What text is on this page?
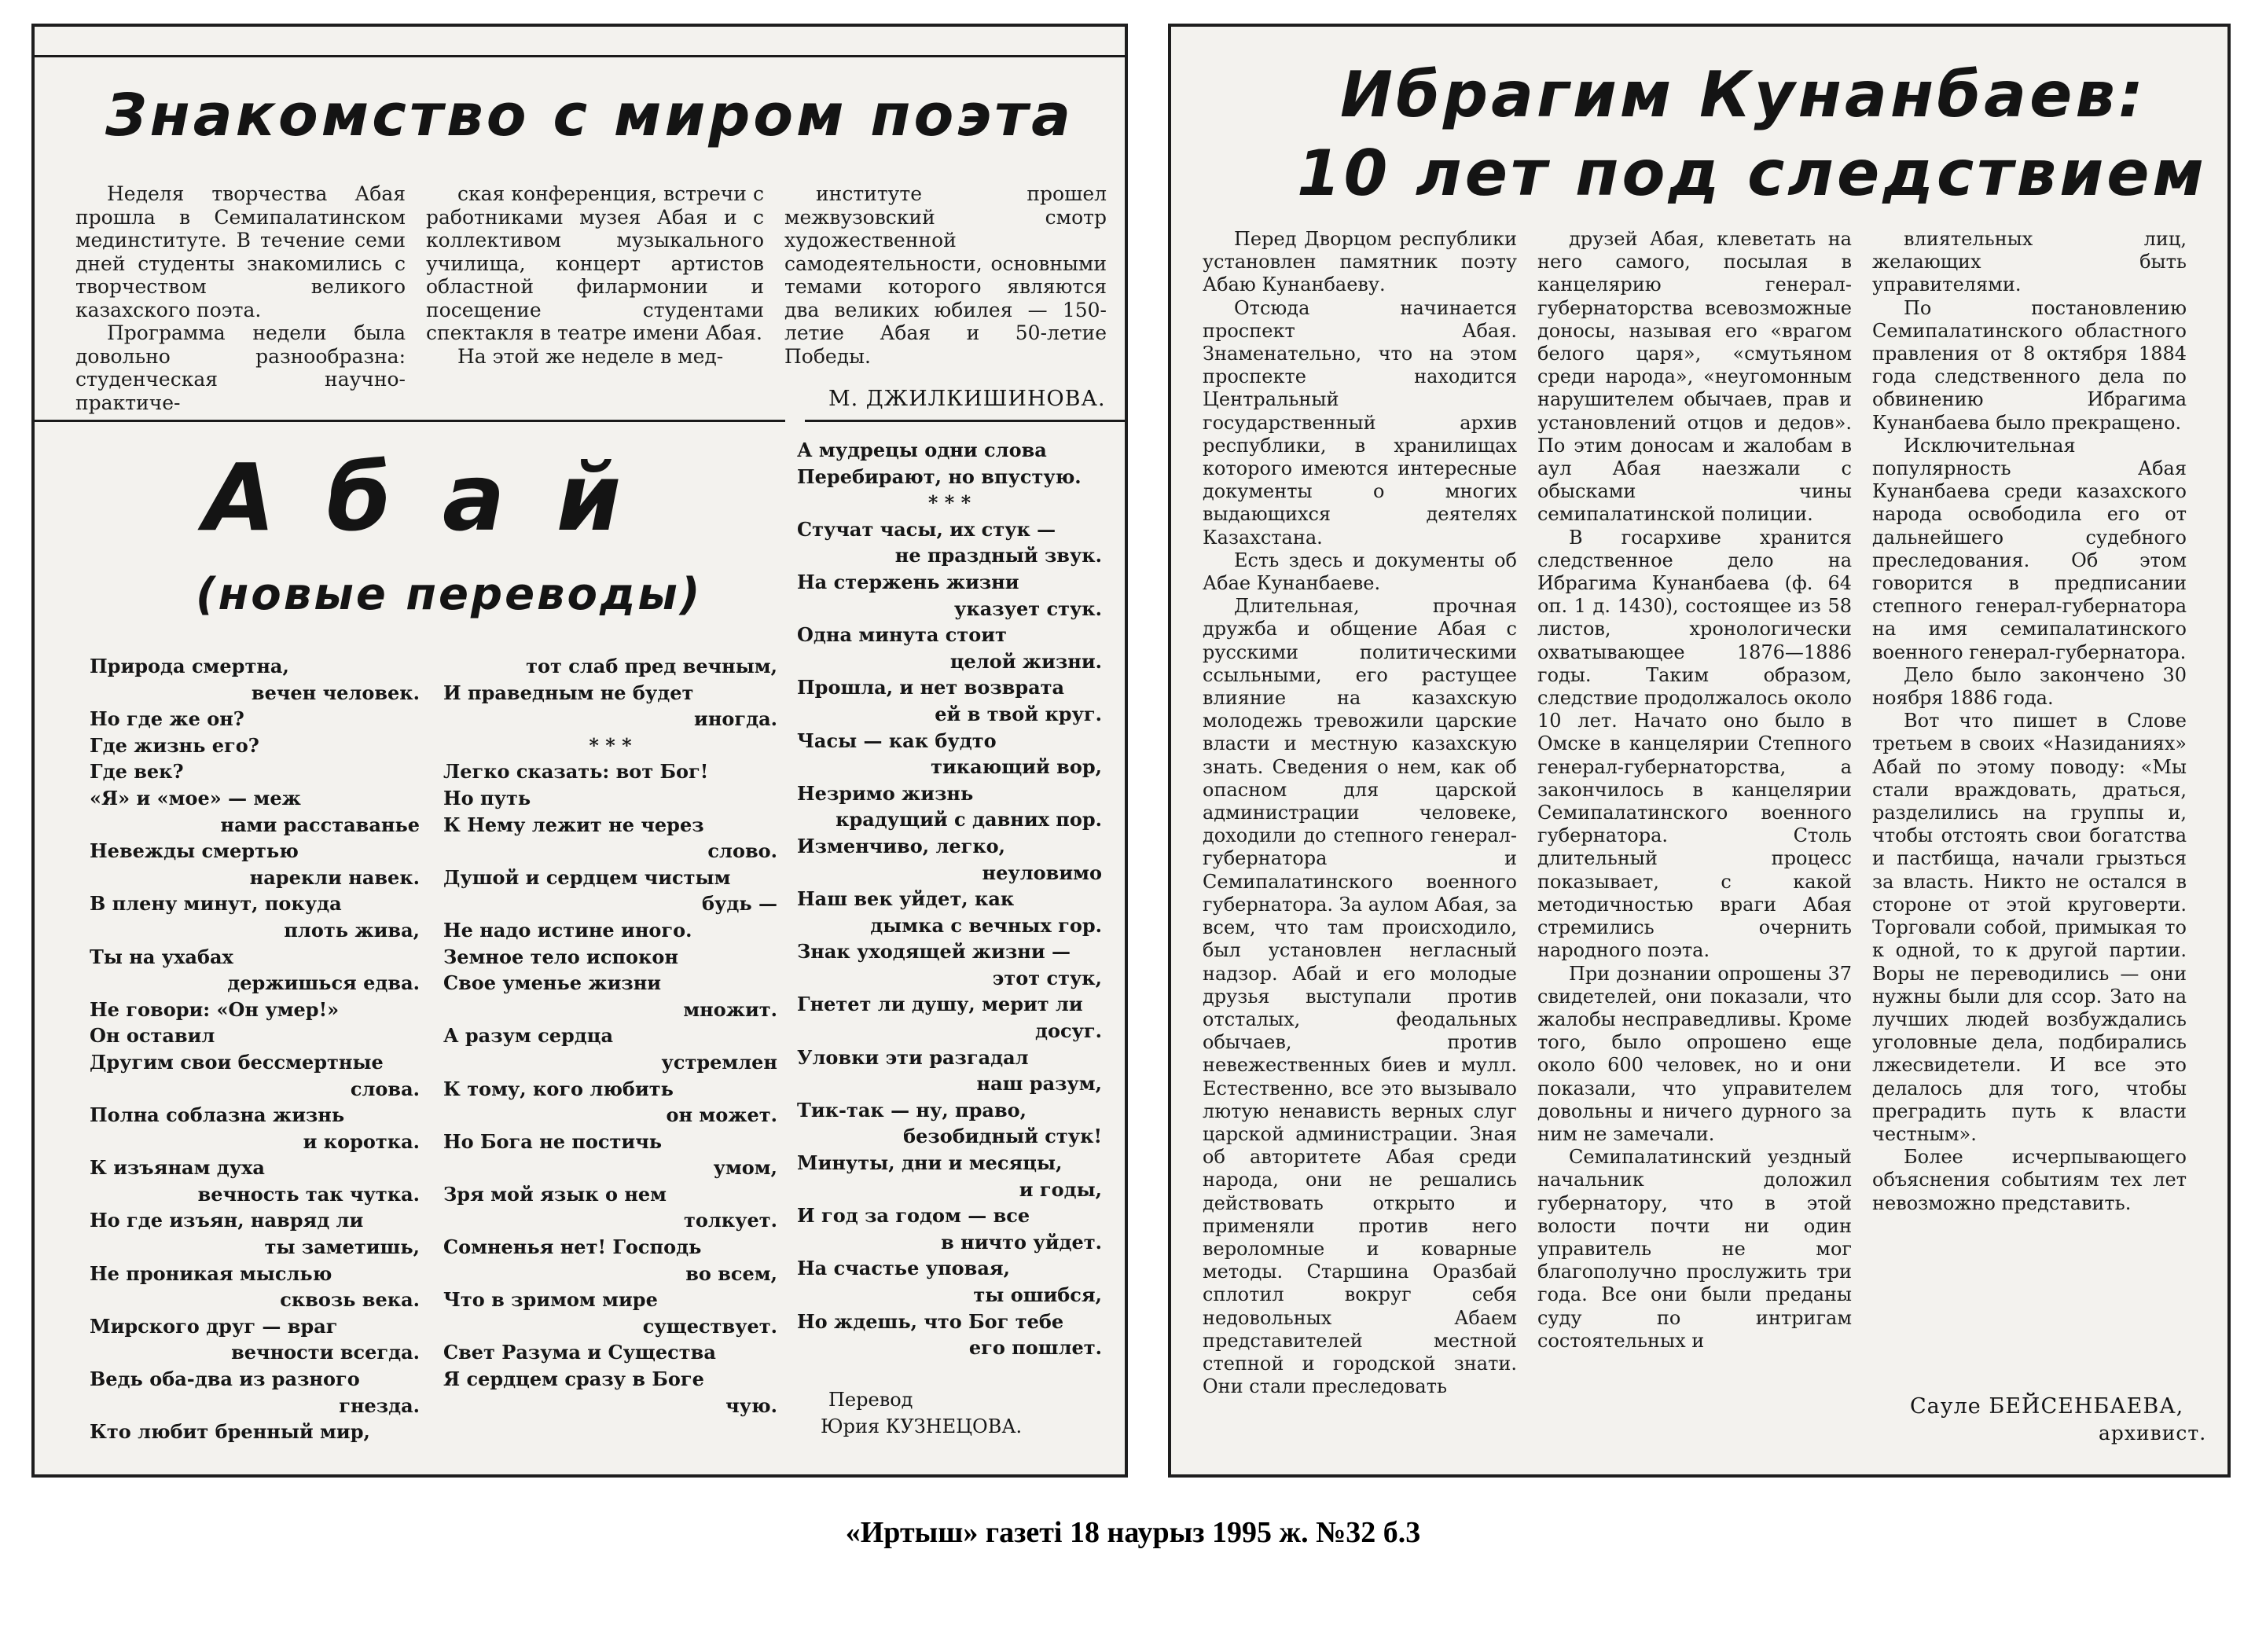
Знакомство с миром поэта

Неделя творчества Абая прошла в Семипалатинском мединституте. В течение семи дней студенты знакомились с творчеством великого казахского поэта.

Программа недели была довольно разнообразна: студенческая научно-практиче-

ская конференция, встречи с работниками музея Абая и с коллективом музыкального училища, концерт артистов областной филармонии и посещение студентами спектакля в театре имени Абая.

На этой же неделе в мед-

институте прошел межвузовский смотр художественной самодеятельности, основными темами которого являются два великих юбилея — 150-летие Абая и 50-летие Победы.

М. ДЖИЛКИШИНОВА.
А б а й
(новые переводы)
Природа смертна,
вечен человек.
Но где же он?
Где жизнь его?
Где век?
«Я» и «мое» — меж
нами расставанье
Невежды смертью
нарекли навек.
В плену минут, покуда
плоть жива,
Ты на ухабах
держишься едва.
Не говори: «Он умер!»
Он оставил
Другим свои бессмертные
слова.
Полна соблазна жизнь
и коротка.
К изъянам духа
вечность так чутка.
Но где изъян, навряд ли
ты заметишь,
Не проникая мыслью
сквозь века.
Мирского друг — враг
вечности всегда.
Ведь оба-два из разного
гнезда.
Кто любит бренный мир,
тот слаб пред вечным,
И праведным не будет
иногда.
* * *
Легко сказать: вот Бог!
Но путь
К Нему лежит не через
слово.
Душой и сердцем чистым
будь —
Не надо истине иного.
Земное тело испокон
Свое уменье жизни
множит.
А разум сердца
устремлен
К тому, кого любить
он может.
Но Бога не постичь
умом,
Зря мой язык о нем
толкует.
Сомненья нет! Господь
во всем,
Что в зримом мире
существует.
Свет Разума и Существа
Я сердцем сразу в Боге
чую.
А мудрецы одни слова
Перебирают, но впустую.
* * *
Стучат часы, их стук —
не праздный звук.
На стержень жизни
указует стук.
Одна минута стоит
целой жизни.
Прошла, и нет возврата
ей в твой круг.
Часы — как будто
тикающий вор,
Незримо жизнь
крадущий с давних пор.
Изменчиво, легко,
неуловимо
Наш век уйдет, как
дымка с вечных гор.
Знак уходящей жизни —
этот стук,
Гнетет ли душу, мерит ли
досуг.
Уловки эти разгадал
наш разум,
Тик-так — ну, право,
безобидный стук!
Минуты, дни и месяцы,
и годы,
И год за годом — все
в ничто уйдет.
На счастье уповая,
ты ошибся,
Но ждешь, что Бог тебе
его пошлет.

Перевод
Юрия КУЗНЕЦОВА.
Ибрагим Кунанбаев:
10 лет под следствием

Перед Дворцом республики установлен памятник поэту Абаю Кунанбаеву.

Отсюда начинается проспект Абая. Знаменательно, что на этом проспекте находится Центральный государственный архив республики, в хранилищах которого имеются интересные документы о многих выдающихся деятелях Казахстана.

Есть здесь и документы об Абае Кунанбаеве.

Длительная, прочная дружба и общение Абая с русскими политическими ссыльными, его растущее влияние на казахскую молодежь тревожили царские власти и местную казахскую знать. Сведения о нем, как об опасном для царской администрации человеке, доходили до степного генерал-губернатора и Семипалатинского военного губернатора. За аулом Абая, за всем, что там происходило, был установлен негласный надзор. Абай и его молодые друзья выступали против отсталых, феодальных обычаев, против невежественных биев и мулл. Естественно, все это вызывало лютую ненависть верных слуг царской администрации. Зная об авторитете Абая среди народа, они не решались действовать открыто и применяли против него вероломные и коварные методы. Старшина Оразбай сплотил вокруг себя недовольных Абаем представителей местной степной и городской знати. Они стали преследовать

друзей Абая, клеветать на него самого, посылая в канцелярию генерал-губернаторства всевозможные доносы, называя его «врагом белого царя», «смутьяном среди народа», «неугомонным нарушителем обычаев, прав и установлений отцов и дедов». По этим доносам и жалобам в аул Абая наезжали с обысками чины семипалатинской полиции.

В госархиве хранится следственное дело на Ибрагима Кунанбаева (ф. 64 оп. 1 д. 1430), состоящее из 58 листов, хронологически охватывающее 1876—1886 годы. Таким образом, следствие продолжалось около 10 лет. Начато оно было в Омске в канцелярии Степного генерал-губернаторства, а закончилось в канцелярии Семипалатинского военного губернатора. Столь длительный процесс показывает, с какой методичностью враги Абая стремились очернить народного поэта.

При дознании опрошены 37 свидетелей, они показали, что жалобы несправедливы. Кроме того, было опрошено еще около 600 человек, но и они показали, что управителем довольны и ничего дурного за ним не замечали.

Семипалатинский уездный начальник доложил губернатору, что в этой волости почти ни один управитель не мог благополучно прослужить три года. Все они были преданы суду по интригам состоятельных и

влиятельных лиц, желающих быть управителями.

По постановлению Семипалатинского областного правления от 8 октября 1884 года следственного дела по обвинению Ибрагима Кунанбаева было прекращено.

Исключительная популярность Абая Кунанбаева среди казахского народа освободила его от дальнейшего судебного преследования. Об этом говорится в предписании степного генерал-губернатора на имя семипалатинского военного генерал-губернатора.

Дело было закончено 30 ноября 1886 года.

Вот что пишет в Слове третьем в своих «Назиданиях» Абай по этому поводу: «Мы стали враждовать, драться, разделились на группы и, чтобы отстоять свои богатства и пастбища, начали грызться за власть. Никто не остался в стороне от этой круговерти. Торговали собой, примыкая то к одной, то к другой партии. Воры не переводились — они нужны были для ссор. Зато на лучших людей возбуждались уголовные дела, подбирались лжесвидетели. И все это делалось для того, чтобы преградить путь к власти честным».

Более исчерпывающего объяснения событиям тех лет невозможно представить.

Сауле БЕЙСЕНБАЕВА,
архивист.
«Иртыш» газеті 18 наурыз 1995 ж. №32 б.3
